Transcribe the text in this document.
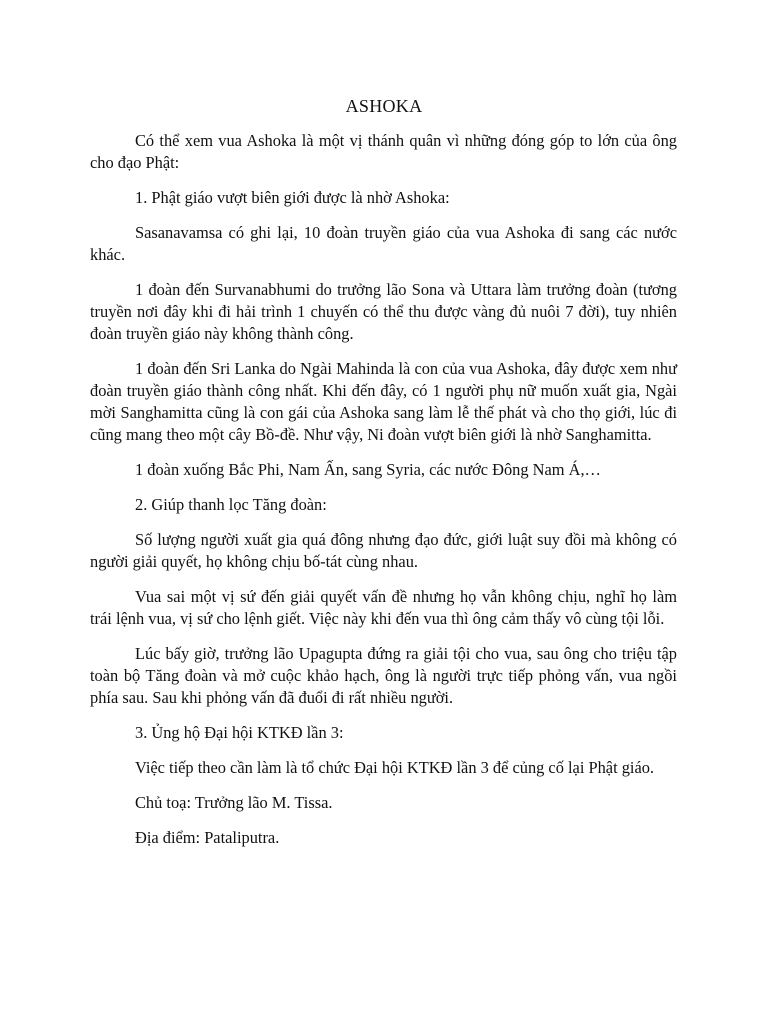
ASHOKA

Có thể xem vua Ashoka là một vị thánh quân vì những đóng góp to lớn của ông cho đạo Phật:

1. Phật giáo vượt biên giới được là nhờ Ashoka:

Sasanavamsa có ghi lại, 10 đoàn truyền giáo của vua Ashoka đi sang các nước khác.

1 đoàn đến Survanabhumi do trưởng lão Sona và Uttara làm trưởng đoàn (tương truyền nơi đây khi đi hải trình 1 chuyến có thể thu được vàng đủ nuôi 7 đời), tuy nhiên đoàn truyền giáo này không thành công.

1 đoàn đến Sri Lanka do Ngài Mahinda là con của vua Ashoka, đây được xem như đoàn truyền giáo thành công nhất. Khi đến đây, có 1 người phụ nữ muốn xuất gia, Ngài mời Sanghamitta cũng là con gái của Ashoka sang làm lễ thế phát và cho thọ giới, lúc đi cũng mang theo một cây Bồ-đề. Như vậy, Ni đoàn vượt biên giới là nhờ Sanghamitta.

1 đoàn xuống Bắc Phi, Nam Ấn, sang Syria, các nước Đông Nam Á,…

2. Giúp thanh lọc Tăng đoàn:

Số lượng người xuất gia quá đông nhưng đạo đức, giới luật suy đồi mà không có người giải quyết, họ không chịu bố-tát cùng nhau.

Vua sai một vị sứ đến giải quyết vấn đề nhưng họ vẫn không chịu, nghĩ họ làm trái lệnh vua, vị sứ cho lệnh giết. Việc này khi đến vua thì ông cảm thấy vô cùng tội lỗi.

Lúc bấy giờ, trưởng lão Upagupta đứng ra giải tội cho vua, sau ông cho triệu tập toàn bộ Tăng đoàn và mở cuộc khảo hạch, ông là người trực tiếp phỏng vấn, vua ngồi phía sau. Sau khi phỏng vấn đã đuổi đi rất nhiều người.

3. Ủng hộ Đại hội KTKĐ lần 3:

Việc tiếp theo cần làm là tổ chức Đại hội KTKĐ lần 3 để củng cố lại Phật giáo.

Chủ toạ: Trưởng lão M. Tissa.

Địa điểm: Pataliputra.
